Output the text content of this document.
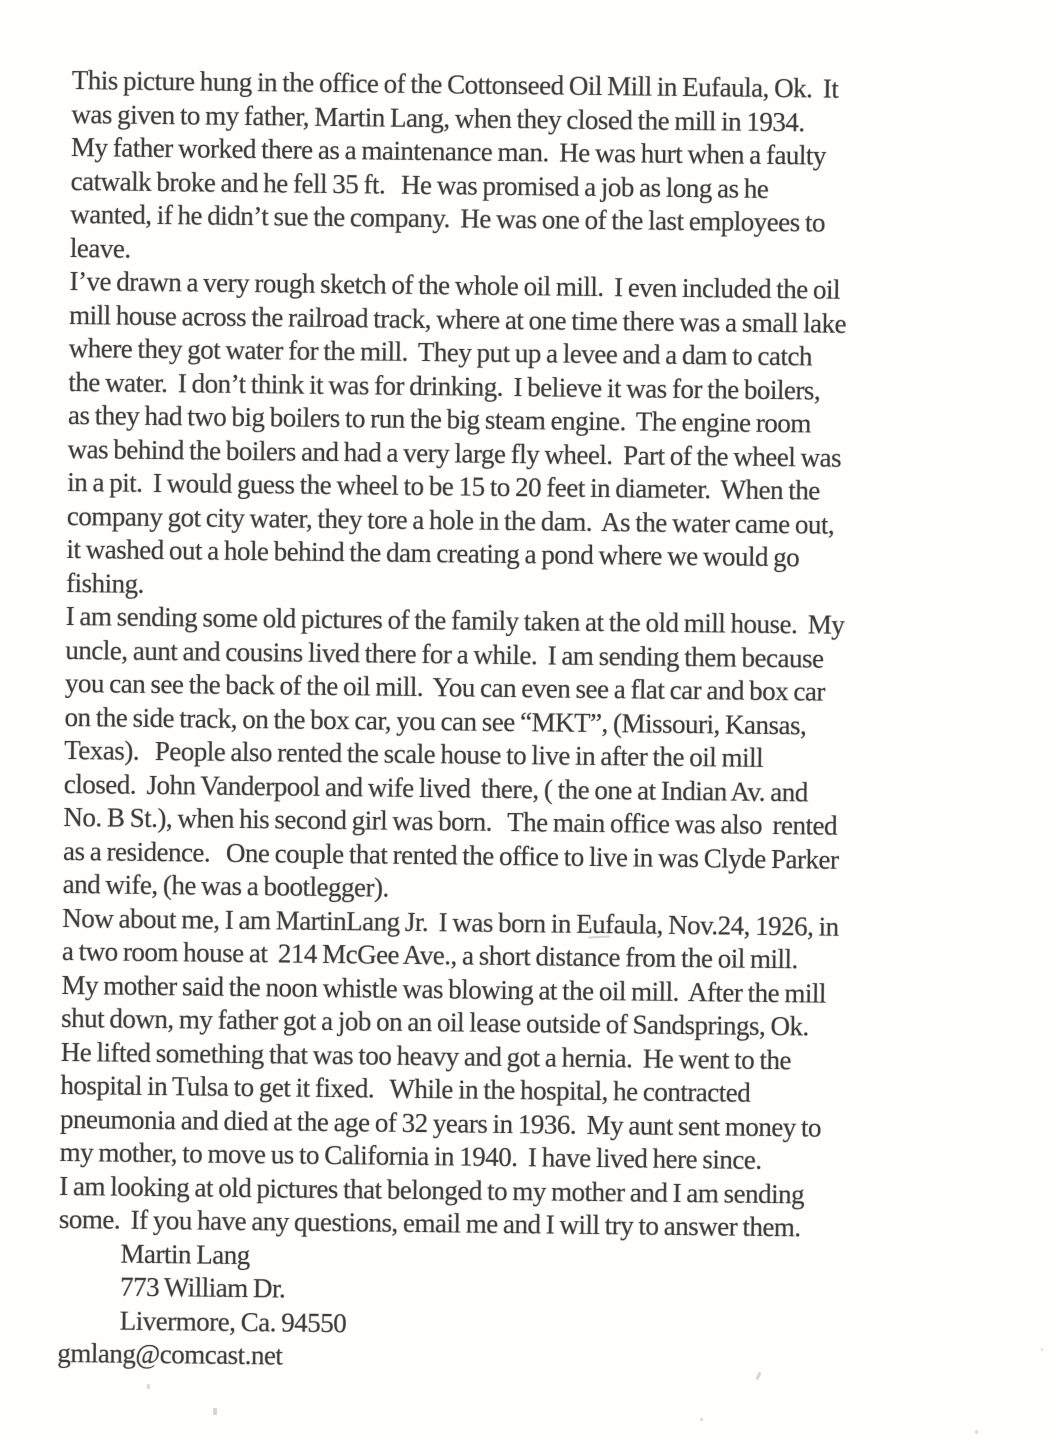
This picture hung in the office of the Cottonseed Oil Mill in Eufaula, Ok.  It
was given to my father, Martin Lang, when they closed the mill in 1934.
My father worked there as a maintenance man.  He was hurt when a faulty
catwalk broke and he fell 35 ft.   He was promised a job as long as he
wanted, if he didn’t sue the company.  He was one of the last employees to
leave.
I’ve drawn a very rough sketch of the whole oil mill.  I even included the oil
mill house across the railroad track, where at one time there was a small lake
where they got water for the mill.  They put up a levee and a dam to catch
the water.  I don’t think it was for drinking.  I believe it was for the boilers,
as they had two big boilers to run the big steam engine.  The engine room
was behind the boilers and had a very large fly wheel.  Part of the wheel was
in a pit.  I would guess the wheel to be 15 to 20 feet in diameter.  When the
company got city water, they tore a hole in the dam.  As the water came out,
it washed out a hole behind the dam creating a pond where we would go
fishing.
I am sending some old pictures of the family taken at the old mill house.  My
uncle, aunt and cousins lived there for a while.  I am sending them because
you can see the back of the oil mill.  You can even see a flat car and box car
on the side track, on the box car, you can see “MKT”, (Missouri, Kansas,
Texas).   People also rented the scale house to live in after the oil mill
closed.  John Vanderpool and wife lived  there, ( the one at Indian Av. and
No. B St.), when his second girl was born.   The main office was also  rented
as a residence.   One couple that rented the office to live in was Clyde Parker
and wife, (he was a bootlegger).
Now about me, I am MartinLang Jr.  I was born in Eufaula, Nov.24, 1926, in
a two room house at  214 McGee Ave., a short distance from the oil mill.
My mother said the noon whistle was blowing at the oil mill.  After the mill
shut down, my father got a job on an oil lease outside of Sandsprings, Ok.
He lifted something that was too heavy and got a hernia.  He went to the
hospital in Tulsa to get it fixed.   While in the hospital, he contracted
pneumonia and died at the age of 32 years in 1936.  My aunt sent money to
my mother, to move us to California in 1940.  I have lived here since.
I am looking at old pictures that belonged to my mother and I am sending
some.  If you have any questions, email me and I will try to answer them.
Martin Lang
773 William Dr.
Livermore, Ca. 94550
gmlang@comcast.net
